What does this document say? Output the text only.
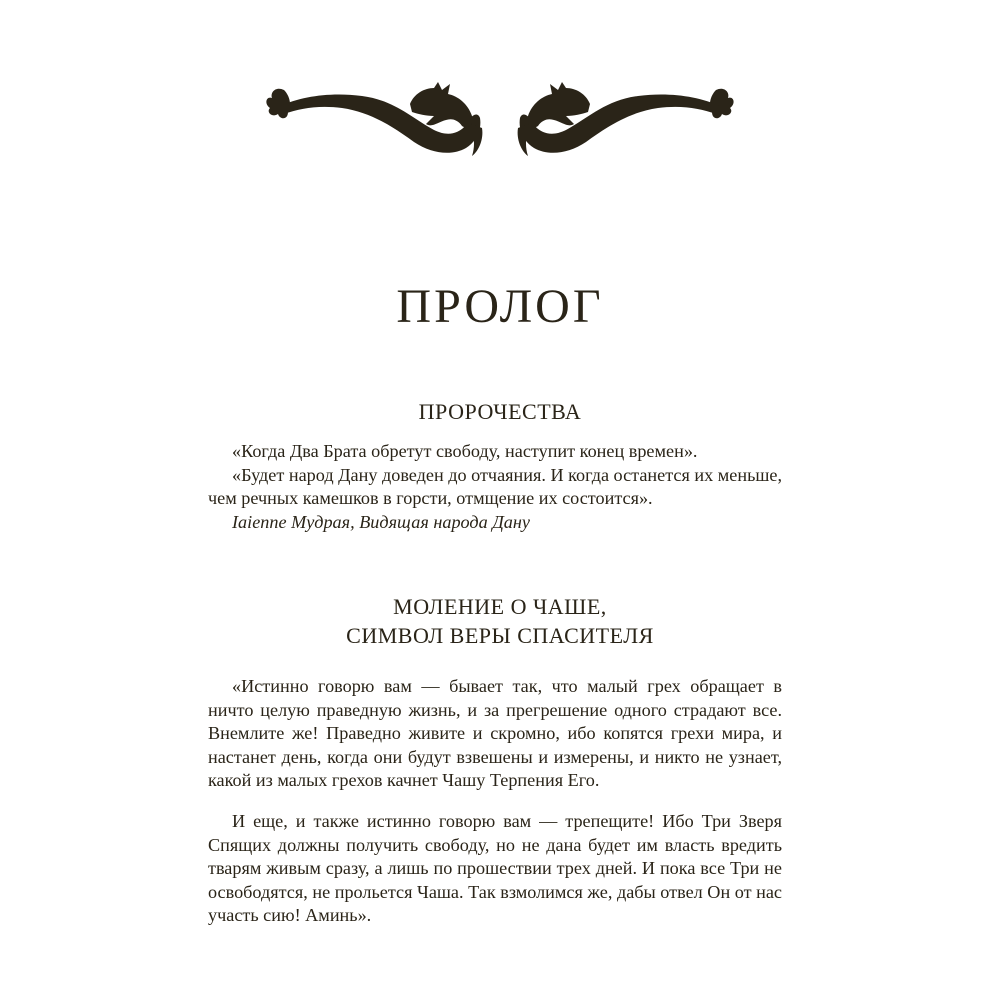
ПРОЛОГ
ПРОРОЧЕСТВА

«Когда Два Брата обретут свободу, наступит конец времен».

«Будет народ Дану доведен до отчаяния. И когда останется их меньше, чем речных камешков в горсти, отмщение их состоится».

Iaienne Мудрая, Видящая народа Дану

МОЛЕНИЕ О ЧАШЕ,
СИМВОЛ ВЕРЫ СПАСИТЕЛЯ

«Истинно говорю вам — бывает так, что малый грех обращает в ничто целую праведную жизнь, и за прегрешение одного страдают все. Внемлите же! Праведно живите и скромно, ибо копятся грехи мира, и настанет день, когда они будут взвешены и измерены, и никто не узнает, какой из малых грехов качнет Чашу Терпения Его.

И еще, и также истинно говорю вам — трепещите! Ибо Три Зверя Спящих должны получить свободу, но не дана будет им власть вредить тварям живым сразу, а лишь по прошествии трех дней. И пока все Три не освободятся, не прольется Чаша. Так взмолимся же, дабы отвел Он от нас участь сию! Аминь».
